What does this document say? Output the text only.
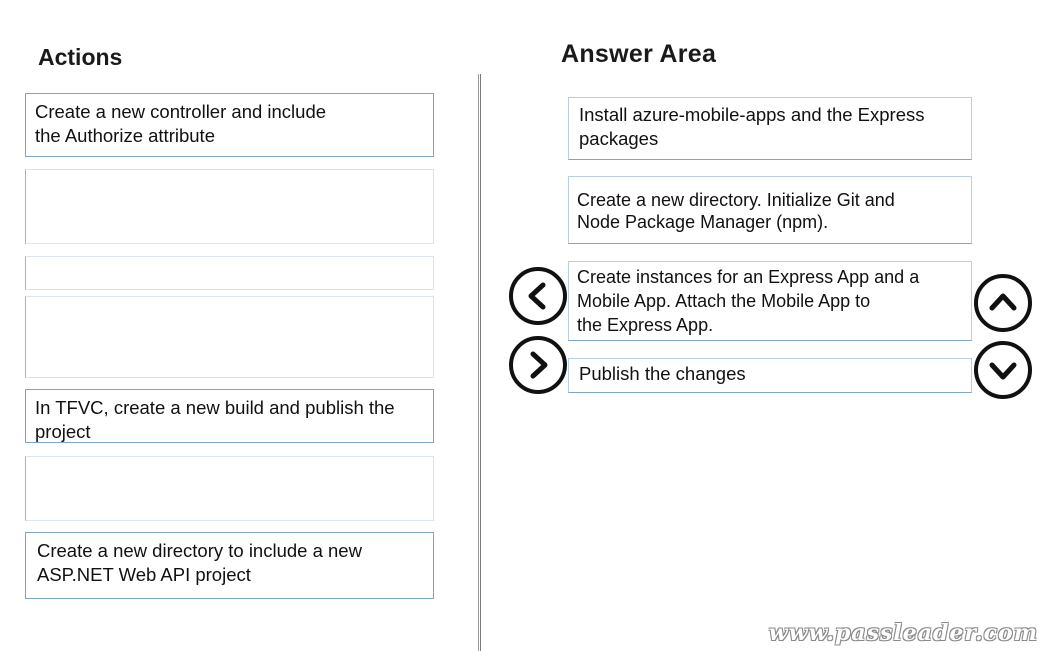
Actions	Answer Area
Create a new controller and include
the Authorize attribute
In TFVC, create a new build and publish the
project
Create a new directory to include a new
ASP.NET Web API project
Install azure-mobile-apps and the Express
packages
Create a new directory. Initialize Git and
Node Package Manager (npm).
Create instances for an Express App and a
Mobile App. Attach the Mobile App to
the Express App.
Publish the changes
www.passleader.com
